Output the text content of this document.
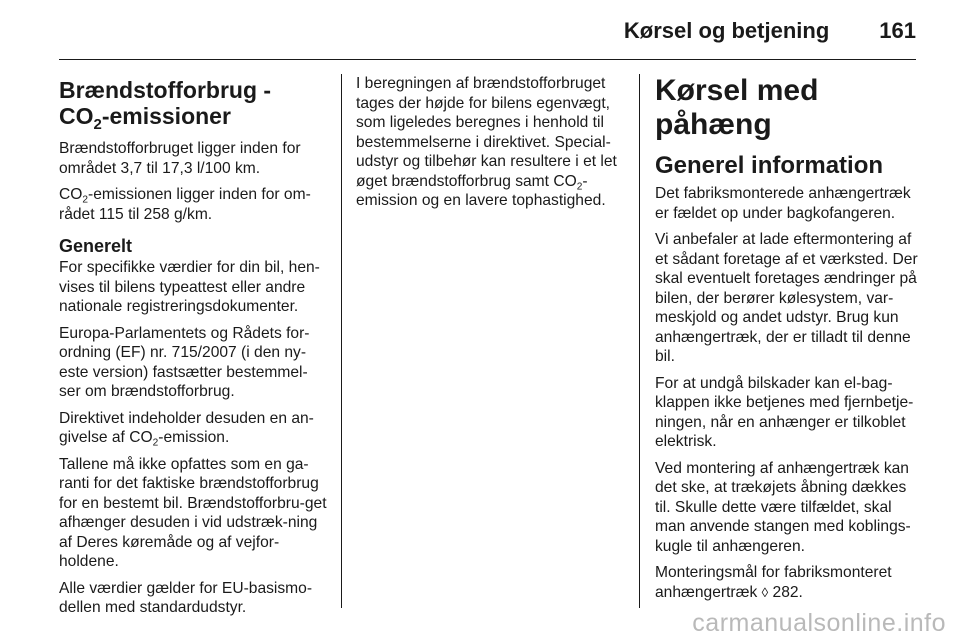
Kørsel og betjening 161
Brændstofforbrug -
$CO_2$-emissioner

Brændstofforbruget ligger inden for området 3,7 til 17,3 l/100 km.

$CO_2$-emissionen ligger inden for om-rådet 115 til 258 g/km.

Generelt

For specifikke værdier for din bil, hen-vises til bilens typeattest eller andre nationale registreringsdokumenter.

Europa-Parlamentets og Rådets for-ordning (EF) nr. 715/2007 (i den ny-este version) fastsætter bestemmel-ser om brændstofforbrug.

Direktivet indeholder desuden en an-givelse af $CO_2$-emission.

Tallene må ikke opfattes som en ga-ranti for det faktiske brændstofforbrug for en bestemt bil. Brændstofforbru-get afhænger desuden i vid udstræk-ning af Deres køremåde og af vejfor-holdene.

Alle værdier gælder for EU-basismo-dellen med standardudstyr.

I beregningen af brændstofforbruget tages der højde for bilens egenvægt, som ligeledes beregnes i henhold til bestemmelserne i direktivet. Special-udstyr og tilbehør kan resultere i et let øget brændstofforbrug samt $CO_2$-emission og en lavere tophastighed.

Kørsel med påhæng
Generel information

Det fabriksmonterede anhængertræk er fældet op under bagkofangeren.

Vi anbefaler at lade eftermontering af et sådant foretage af et værksted. Der skal eventuelt foretages ændringer på bilen, der berører kølesystem, var-meskjold og andet udstyr. Brug kun anhængertræk, der er tilladt til denne bil.

For at undgå bilskader kan el-bag-klappen ikke betjenes med fjernbetje-ningen, når en anhænger er tilkoblet elektrisk.

Ved montering af anhængertræk kan det ske, at trækøjets åbning dækkes til. Skulle dette være tilfældet, skal man anvende stangen med koblings-kugle til anhængeren.

Monteringsmål for fabriksmonteret anhængertræk ◊ 282.

carmanualsonline.info
